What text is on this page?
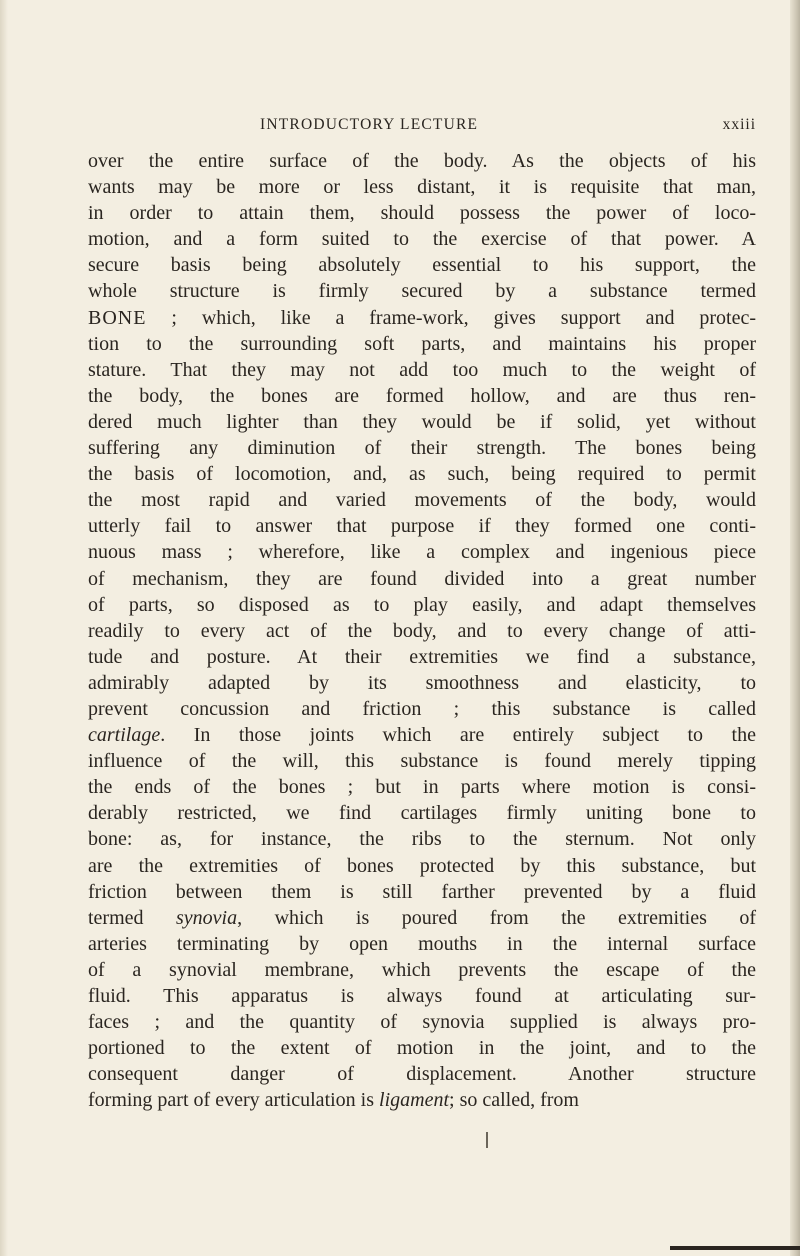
INTRODUCTORY LECTURE	xxiii
over the entire surface of the body. As the objects of his
wants may be more or less distant, it is requisite that man,
in order to attain them, should possess the power of loco-
motion, and a form suited to the exercise of that power. A
secure basis being absolutely essential to his support, the
whole structure is firmly secured by a substance termed
BONE ; which, like a frame-work, gives support and protec-
tion to the surrounding soft parts, and maintains his proper
stature. That they may not add too much to the weight of
the body, the bones are formed hollow, and are thus ren-
dered much lighter than they would be if solid, yet without
suffering any diminution of their strength. The bones being
the basis of locomotion, and, as such, being required to permit
the most rapid and varied movements of the body, would
utterly fail to answer that purpose if they formed one conti-
nuous mass ; wherefore, like a complex and ingenious piece
of mechanism, they are found divided into a great number
of parts, so disposed as to play easily, and adapt themselves
readily to every act of the body, and to every change of atti-
tude and posture. At their extremities we find a substance,
admirably adapted by its smoothness and elasticity, to
prevent concussion and friction ; this substance is called
cartilage. In those joints which are entirely subject to the
influence of the will, this substance is found merely tipping
the ends of the bones ; but in parts where motion is consi-
derably restricted, we find cartilages firmly uniting bone to
bone: as, for instance, the ribs to the sternum. Not only
are the extremities of bones protected by this substance, but
friction between them is still farther prevented by a fluid
termed synovia, which is poured from the extremities of
arteries terminating by open mouths in the internal surface
of a synovial membrane, which prevents the escape of the
fluid. This apparatus is always found at articulating sur-
faces ; and the quantity of synovia supplied is always pro-
portioned to the extent of motion in the joint, and to the
consequent danger of displacement. Another structure
forming part of every articulation is ligament; so called, from
